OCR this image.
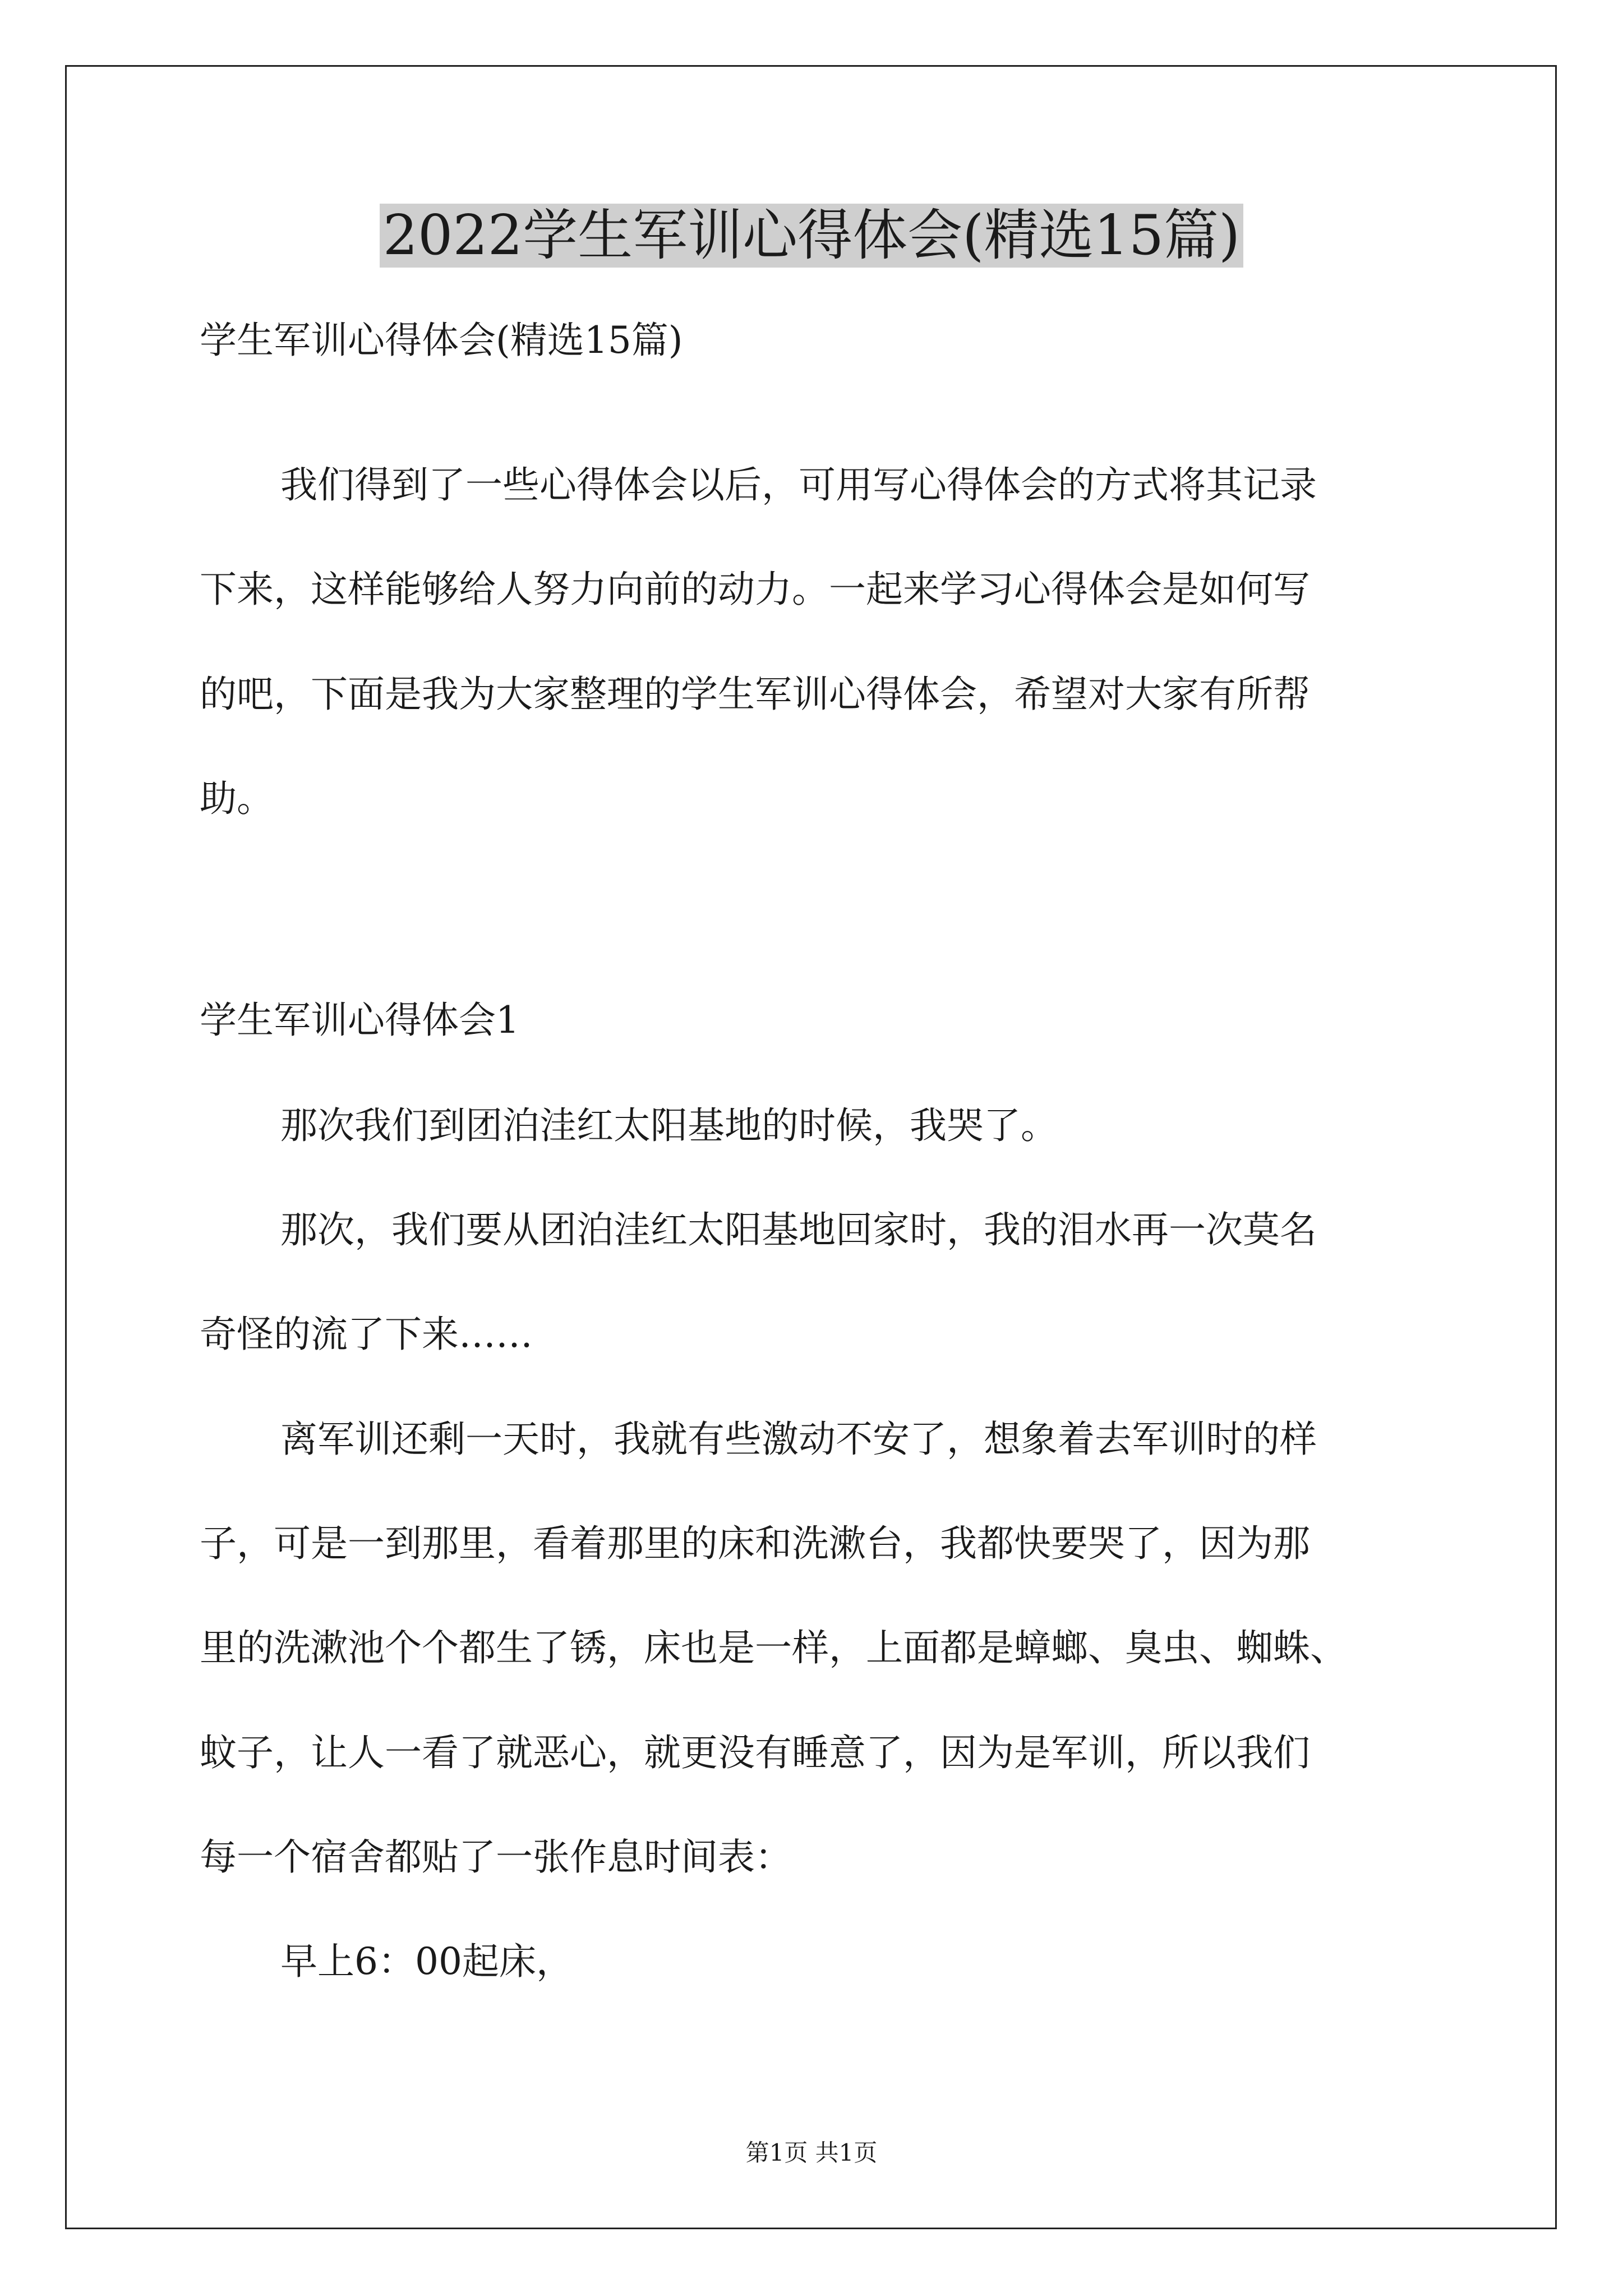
2022学生军训心得体会(精选15篇)
学生军训心得体会(精选15篇)
我们得到了一些心得体会以后，可用写心得体会的方式将其记录
下来，这样能够给人努力向前的动力。一起来学习心得体会是如何写
的吧，下面是我为大家整理的学生军训心得体会，希望对大家有所帮
助。
学生军训心得体会1
那次我们到团泊洼红太阳基地的时候，我哭了。
那次，我们要从团泊洼红太阳基地回家时，我的泪水再一次莫名
奇怪的流了下来……
离军训还剩一天时，我就有些激动不安了，想象着去军训时的样
子，可是一到那里，看着那里的床和洗漱台，我都快要哭了，因为那
里的洗漱池个个都生了锈，床也是一样，上面都是蟑螂、臭虫、蜘蛛、
蚊子，让人一看了就恶心，就更没有睡意了，因为是军训，所以我们
每一个宿舍都贴了一张作息时间表：
早上6：00起床，
第1页 共1页
